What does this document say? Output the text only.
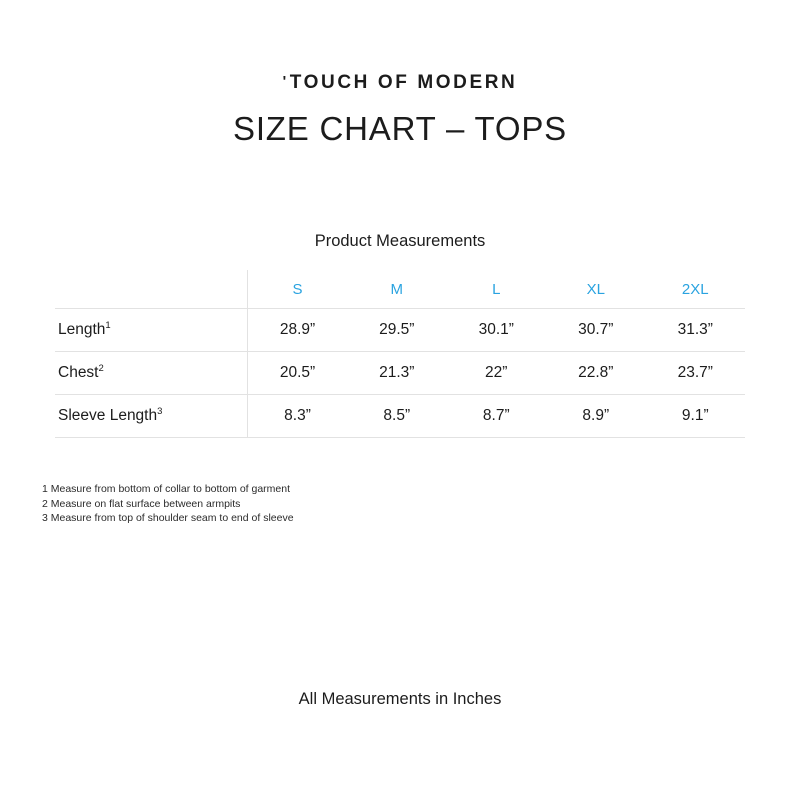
'TOUCH OF MODERN
SIZE CHART – TOPS
Product Measurements
	S	M	L	XL	2XL
Length$^1$	28.9”	29.5”	30.1”	30.7”	31.3”
Chest$^2$	20.5”	21.3”	22”	22.8”	23.7”
Sleeve Length$^3$	8.3”	8.5”	8.7”	8.9”	9.1”
1 Measure from bottom of collar to bottom of garment
2 Measure on flat surface between armpits
3 Measure from top of shoulder seam to end of sleeve
All Measurements in Inches
